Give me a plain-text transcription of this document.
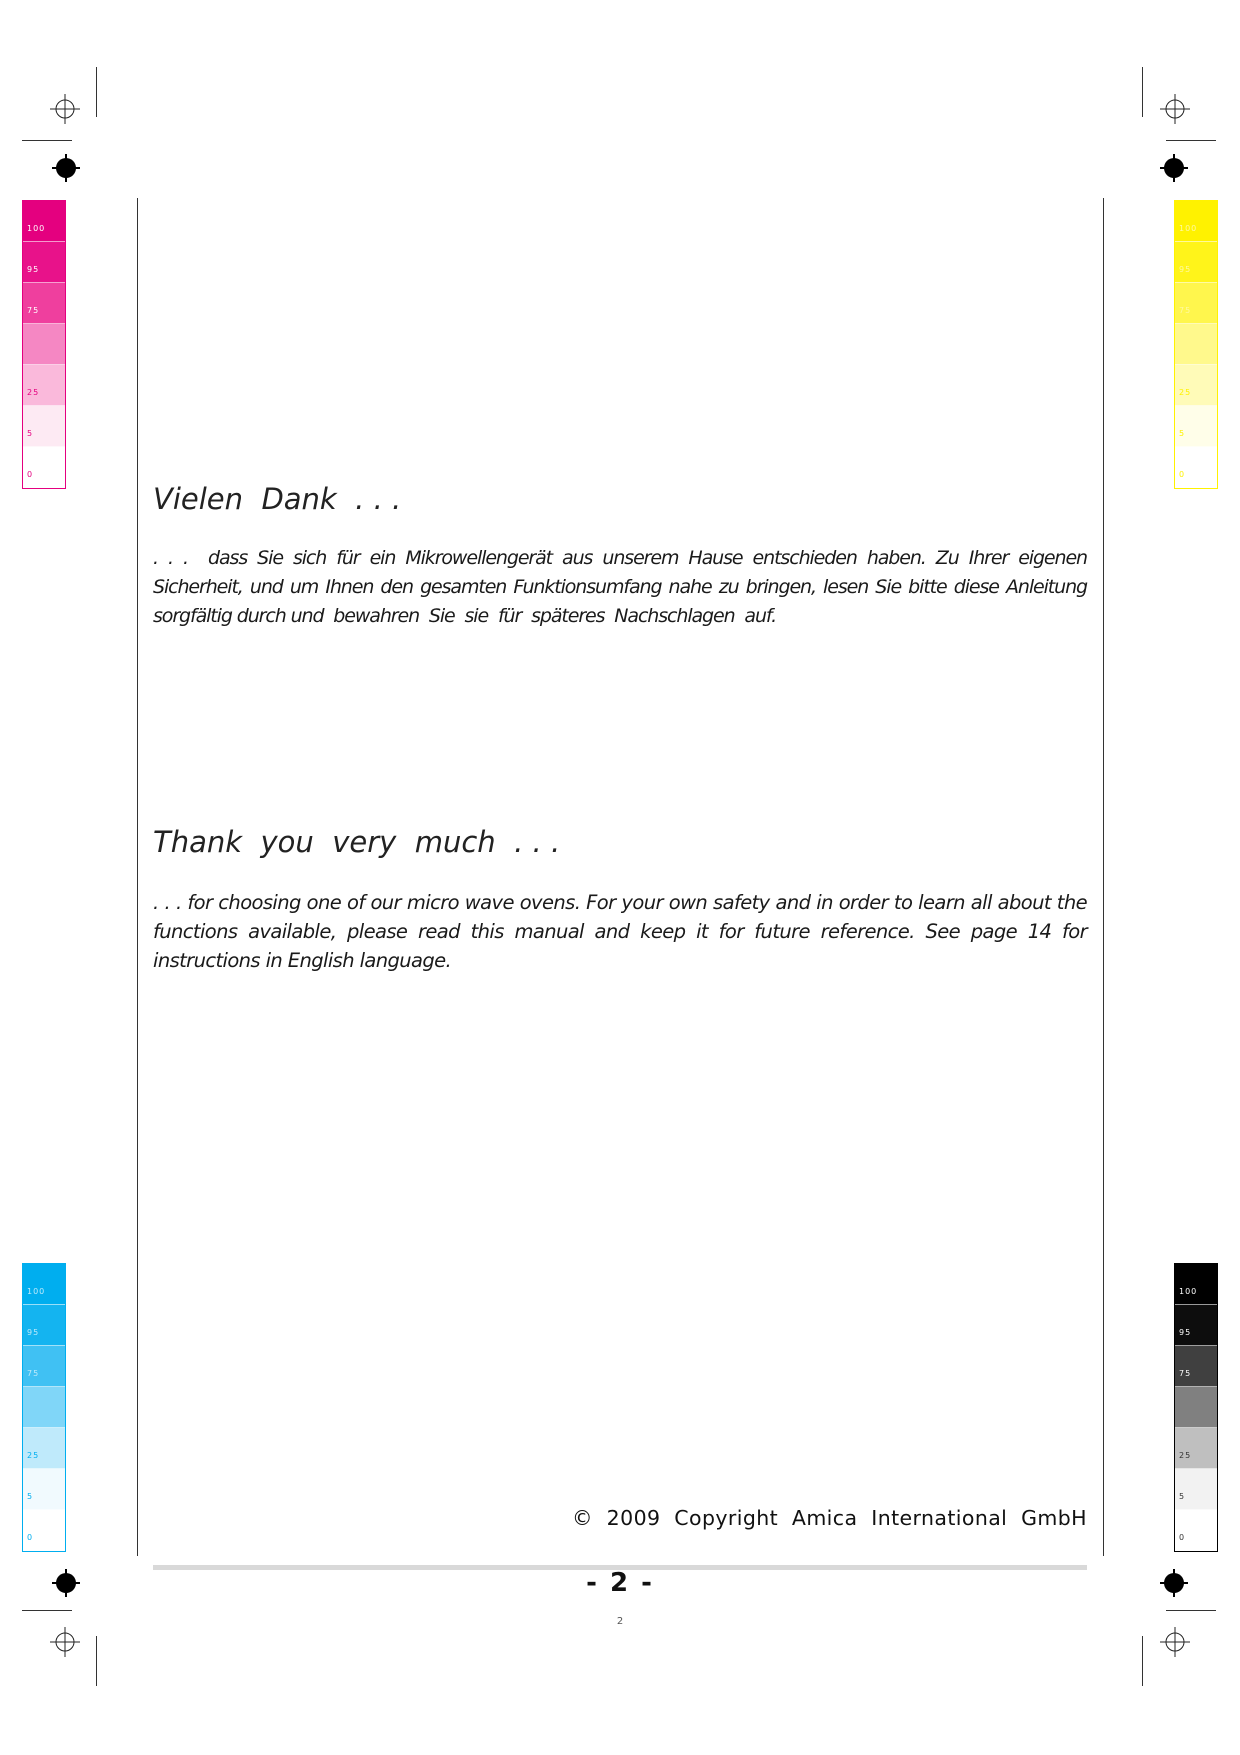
100
95
75
25
5
0
100
95
75
25
5
0
100
95
75
25
5
0
100
95
75
25
5
0
Vielen  Dank  . . .
. . .  dass Sie sich für ein Mikrowellengerät aus unserem Hause entschieden haben. Zu Ihrer eigenen Sicherheit, und um Ihnen den gesamten Funktionsumfang nahe zu bringen, lesen Sie bitte diese Anleitung sorgfältig durch und  bewahren  Sie  sie  für  späteres  Nachschlagen  auf.
Thank  you  very  much  . . .
. . . for choosing one of our micro wave ovens. For your own safety and in order to learn all about the functions available, please read this manual and keep it for future reference. See page 14 for instructions in English language.
©  2009  Copyright  Amica  International  GmbH
- 2 -
2
